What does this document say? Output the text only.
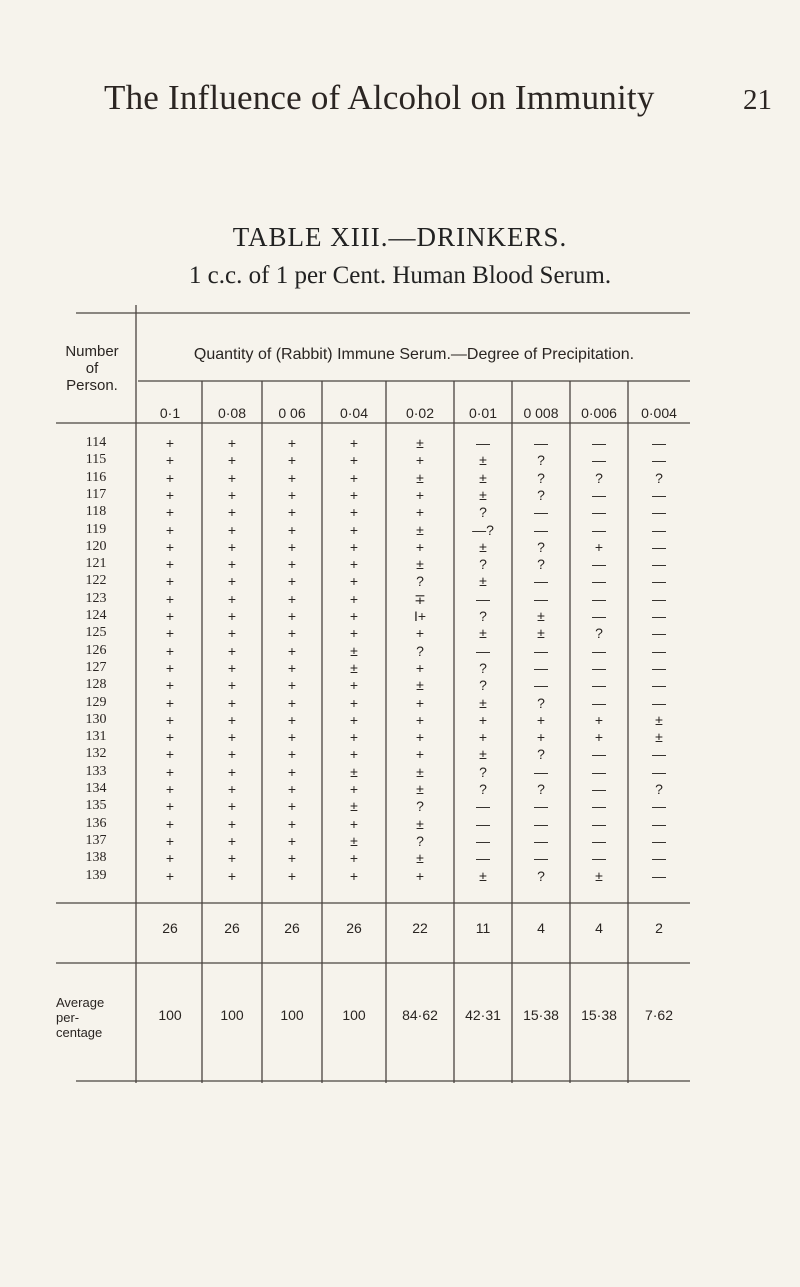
The Influence of Alcohol on Immunity	21
TABLE XIII.—DRINKERS.
1 c.c. of 1 per Cent. Human Blood Serum.
Number
of
Person.
Quantity of (Rabbit) Immune Serum.—Degree of Precipitation.
0·1	0·08	0 06	0·04	0·02	0·01	0 008	0·006	0·004
114	+	+	+	+	±	—	—	—	—
115	+	+	+	+	+	±	?	—	—
116	+	+	+	+	±	±	?	?	?
117	+	+	+	+	+	±	?	—	—
118	+	+	+	+	+	?	—	—	—
119	+	+	+	+	±	—?	—	—	—
120	+	+	+	+	+	±	?	+	—
121	+	+	+	+	±	?	?	—	—
122	+	+	+	+	?	±	—	—	—
123	+	+	+	+	∓	—	—	—	—
124	+	+	+	+	I+	?	±	—	—
125	+	+	+	+	+	±	±	?	—
126	+	+	+	±	?	—	—	—	—
127	+	+	+	±	+	?	—	—	—
128	+	+	+	+	±	?	—	—	—
129	+	+	+	+	+	±	?	—	—
130	+	+	+	+	+	+	+	+	±
131	+	+	+	+	+	+	+	+	±
132	+	+	+	+	+	±	?	—	—
133	+	+	+	±	±	?	—	—	—
134	+	+	+	+	±	?	?	—	?
135	+	+	+	±	?	—	—	—	—
136	+	+	+	+	±	—	—	—	—
137	+	+	+	±	?	—	—	—	—
138	+	+	+	+	±	—	—	—	—
139	+	+	+	+	+	±	?	±	—
26	26	26	26	22	11	4	4	2
Average
per-
centage
100	100	100	100	84·62	42·31	15·38	15·38	7·62
